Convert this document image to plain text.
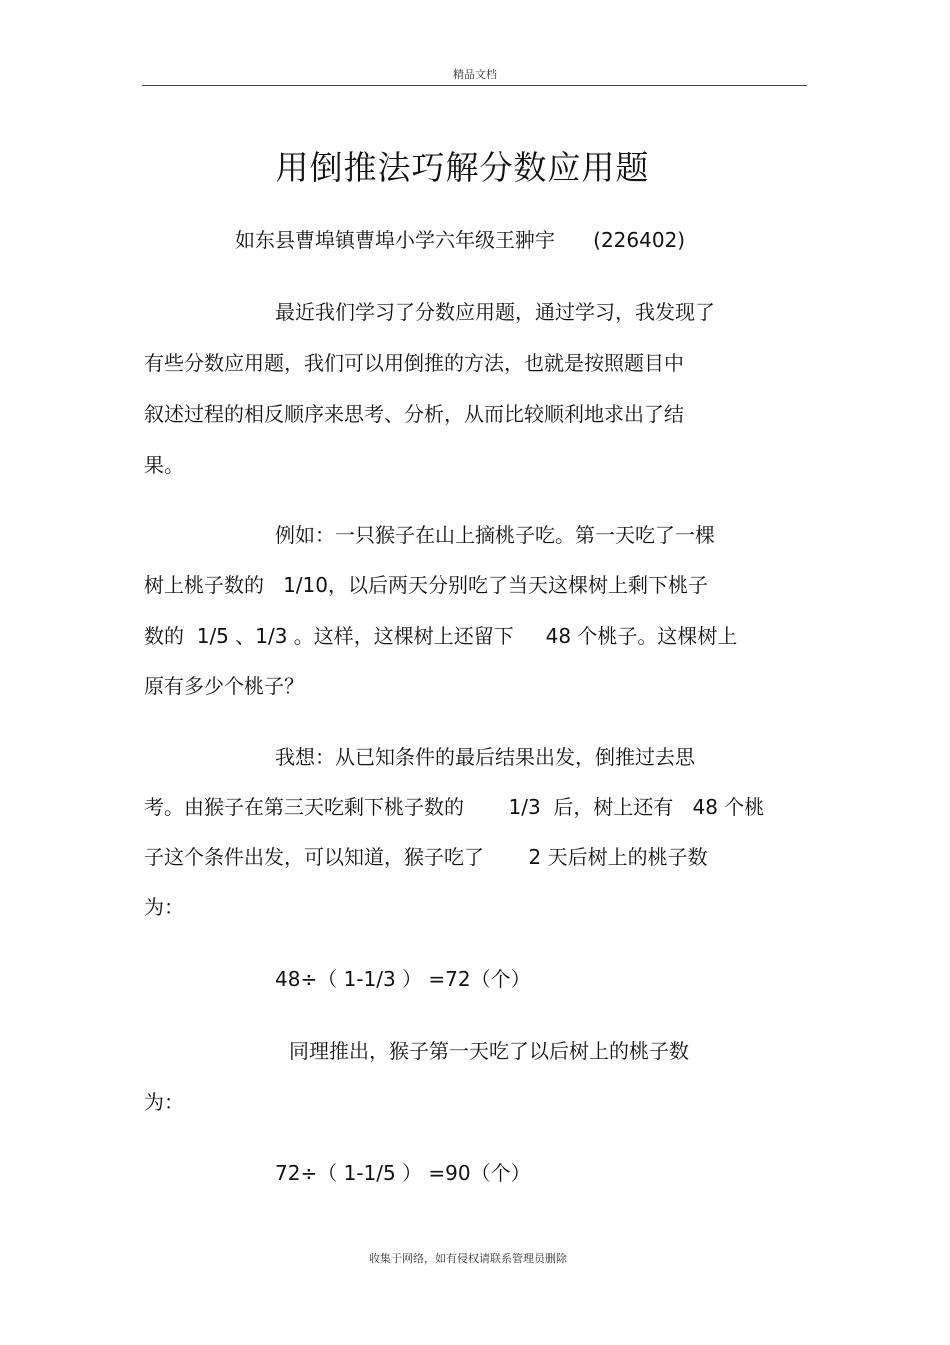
精品文档
用倒推法巧解分数应用题
如东县曹埠镇曹埠小学六年级王翀宇      (226402)
最近我们学习了分数应用题，通过学习，我发现了
有些分数应用题，我们可以用倒推的方法，也就是按照题目中
叙述过程的相反顺序来思考、分析，从而比较顺利地求出了结
果。
例如：一只猴子在山上摘桃子吃。第一天吃了一棵
树上桃子数的   1/10，以后两天分别吃了当天这棵树上剩下桃子
数的  1/5 、1/3 。这样，这棵树上还留下     48 个桃子。这棵树上
原有多少个桃子？
我想：从已知条件的最后结果出发，倒推过去思
考。由猴子在第三天吃剩下桃子数的       1/3  后，树上还有   48 个桃
子这个条件出发，可以知道，猴子吃了       2 天后树上的桃子数
为：
48÷（ 1-1/3 ） =72（个）
同理推出，猴子第一天吃了以后树上的桃子数
为：
72÷（ 1-1/5 ） =90（个）
收集于网络，如有侵权请联系管理员删除
